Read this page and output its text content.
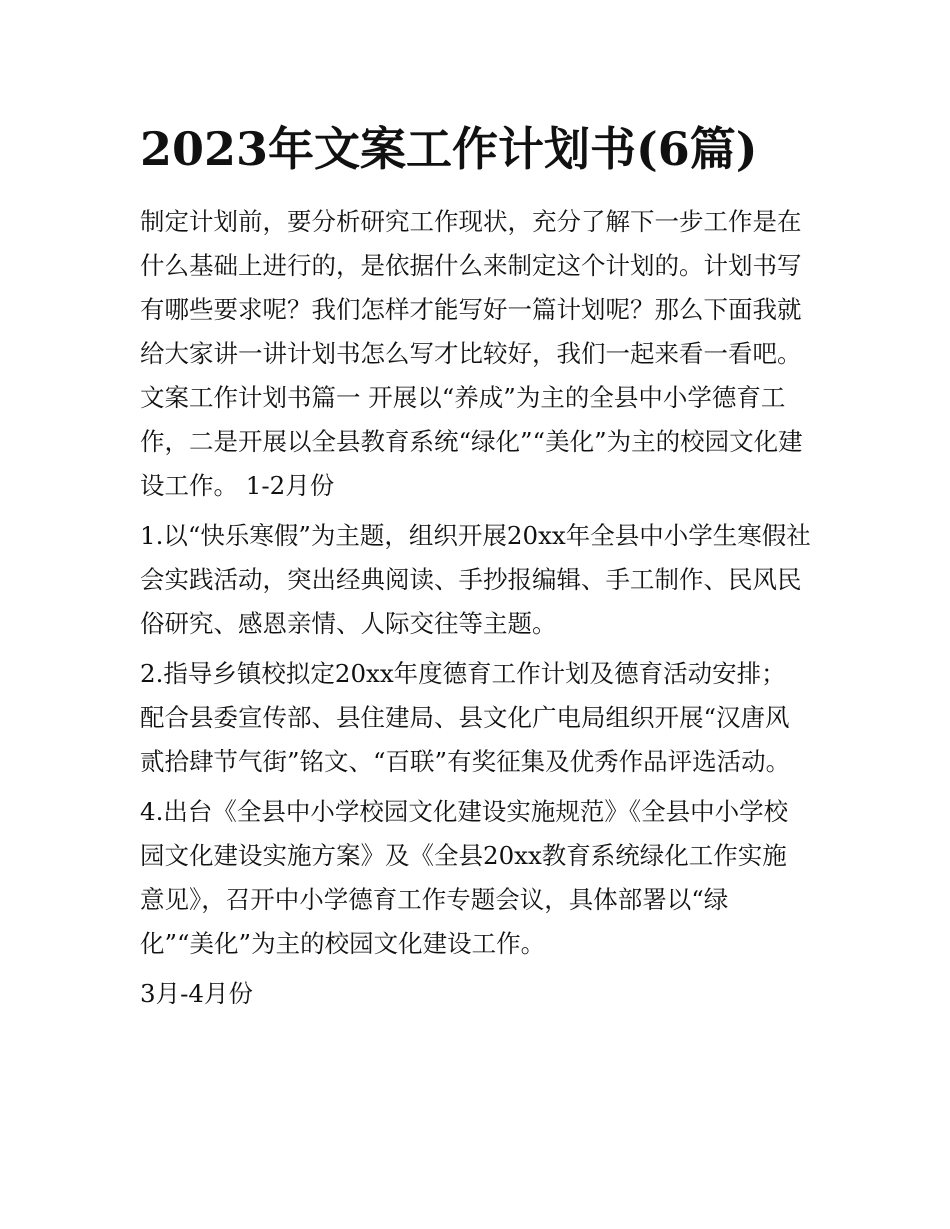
2023年文案工作计划书(6篇)

制定计划前，要分析研究工作现状，充分了解下一步工作是在

什么基础上进行的，是依据什么来制定这个计划的。计划书写

有哪些要求呢？我们怎样才能写好一篇计划呢？那么下面我就

给大家讲一讲计划书怎么写才比较好，我们一起来看一看吧。

文案工作计划书篇一 开展以“养成”为主的全县中小学德育工

作，二是开展以全县教育系统“绿化”“美化”为主的校园文化建

设工作。 1-2月份

1.以“快乐寒假”为主题，组织开展20xx年全县中小学生寒假社

会实践活动，突出经典阅读、手抄报编辑、手工制作、民风民

俗研究、感恩亲情、人际交往等主题。

2.指导乡镇校拟定20xx年度德育工作计划及德育活动安排；

配合县委宣传部、县住建局、县文化广电局组织开展“汉唐风

贰拾肆节气街”铭文、“百联”有奖征集及优秀作品评选活动。

4.出台《全县中小学校园文化建设实施规范》《全县中小学校

园文化建设实施方案》及《全县20xx教育系统绿化工作实施

意见》，召开中小学德育工作专题会议，具体部署以“绿

化”“美化”为主的校园文化建设工作。

3月-4月份
